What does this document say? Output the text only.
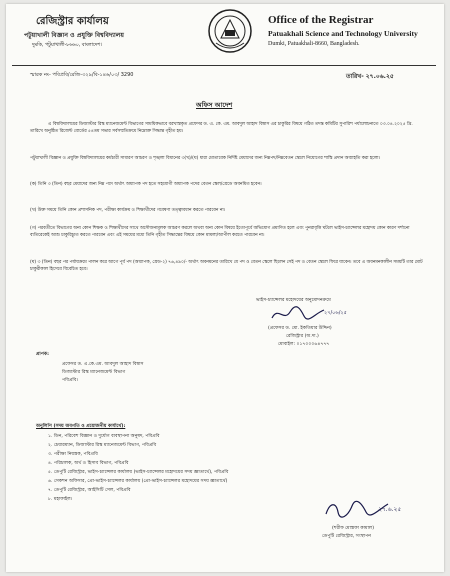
রেজিস্ট্রার কার্যালয়
পটুয়াখালী বিজ্ঞান ও প্রযুক্তি বিশ্ববিদ্যালয়
দুমকি, পটুয়াখালী-৮৬৬০, বাংলাদেশ।
Office of the Registrar
Patuakhali Science and Technology University
Dumki, Patuakhali-8660, Bangladesh.
স্মারক নং- পবিপ্রবি/রেজি-৩২৯/বি-১৪৬/০৩/ 3290	তারিখ- ২৭.০৬.২৫
অফিস আদেশ
এ বিশ্ববিদ্যালয়ের ডিজাস্টার রিস্ক ম্যানেজমেন্ট বিভাগের সাময়িকভাবে বরখাস্তকৃত প্রফেসর ড. এ. কে. এম. আবদুল আহাদ বিশ্বাস এর চাকুরির বিষয়ে গঠিত তদন্ত কমিটির সুপারিশ পর্যালোচনাতে ০৩.০৪.২০২৫ খ্রি. তারিখে অনুষ্ঠিত রিজেন্ট বোর্ডের ৫৪তম সভার সর্বসম্মতিক্রমে নিম্নোক্ত সিদ্ধান্ত গৃহীত হয়।
পটুয়াখালী বিজ্ঞান ও প্রযুক্তি বিশ্ববিদ্যালয়ের কর্মচারী সাধারণ আচরণ ও শৃঙ্খলা বিধানের ৩(খ)/(ঘ) ধারা মোতাবেক নির্দিষ্ট মেয়াদের জন্য নিম্নপদ/নিম্নবেতন স্কেলে নিয়োগের শাস্তি প্রদান অব্যাহতি করা হলো।
(ক) তিনি ৩ (তিন) বছর মেয়াদের জন্য নিম্ন পদে অর্থাৎ অধ্যাপক পদ হতে সহযোগী অধ্যাপক পদের বেতন স্কেল/গ্রেডে অবনমিত হবেন।
(খ) উক্ত সময়ে তিনি কোন প্রশাসনিক পদ, পরীক্ষা কার্যক্রম ও শিক্ষার্থীদের গবেষণা তত্ত্বাবধান করতে পারবেন না।
(গ) পরবর্তীতে বিভাগের অন্য কোন শিক্ষক ও শিক্ষার্থীদের সাথে অসৌজন্যমূলক আচরণ করলে অথবা অন্য কোন বিষয়ে ইতোপূর্বে অভিযোগ প্রমাণিত হলে এবং পুনরাবৃত্তি ঘটলে ভাইস-চ্যান্সেলর মহোদয় কোন কারণ দর্শানো ব্যতিরেকেই আশু চাকুরিচ্যুত করতে পারবেন এবং এই সময়ের মধ্যে তিনি গৃহীত সিদ্ধান্তের বিষয়ে কোন মামলা/আপীল করতে পারবেন না।
(ঘ) ৩ (তিন) বছর পর পর্যায়ক্রমে পালন করে আগে পূর্ব পদ (অধ্যাপক, গ্রেড-২) ৭৬,৪৯০/- অর্থাৎ অবনমনের তারিখে যে পদ ও বেতন স্কেলে ছিলেন সেই পদ ও বেতন স্কেলে ফিরে যাবেন। তবে এ অবনমনকালীন সময়টি তার মোট চাকুরীকাল হিসেবে বিবেচিত হবে।
ভাইস-চ্যান্সেলর মহোদয়ের অনুমোদনক্রমে
২৭/০৬/২৫
(প্রফেসর ড. মো. ইকতিয়ার উদ্দিন)
রেজিস্ট্রার (অ.দা.)
মোবাইল: ০১৭০০০৬৪৭৭৭
প্রাপক:
প্রফেসর ড. এ.কে.এম. আবদুল আহাদ বিশ্বাস
ডিজাস্টার রিস্ক ম্যানেজমেন্ট বিভাগ
পবিপ্রবি।
অনুলিপি (সদয় অবগতি ও প্রয়োজনীয় কার্যার্থে):
১. ডিন, পরিবেশ বিজ্ঞান ও দুর্যোগ ব্যবস্থাপনা অনুষদ, পবিপ্রবি
২. চেয়ারম্যান, ডিজাস্টার রিস্ক ম্যানেজমেন্ট বিভাগ, পবিপ্রবি
৩. পরীক্ষা নিয়ন্ত্রক, পবিপ্রবি
৪. পরিচালক, অর্থ ও হিসাব বিভাগ, পবিপ্রবি
৫. ডেপুটি রেজিস্ট্রার, ভাইস-চ্যান্সেলর কার্যালয় (ভাইস-চ্যান্সেলর মহোদয়ের সদয় জ্ঞাতার্থে), পবিপ্রবি
৬. সেকশন অফিসার, প্রো-ভাইস-চ্যান্সেলর কার্যালয় (প্রো-ভাইস-চ্যান্সেলর মহোদয়ের সদয় জ্ঞাতার্থে)
৭. ডেপুটি রেজিস্ট্রার, আইসিটি সেল, পবিপ্রবি
৮. মহাফাইল।
২৭.৬.২৫
(শরীফ মোস্তফা কামাল)
ডেপুটি রেজিস্ট্রার, সংস্থাপন
